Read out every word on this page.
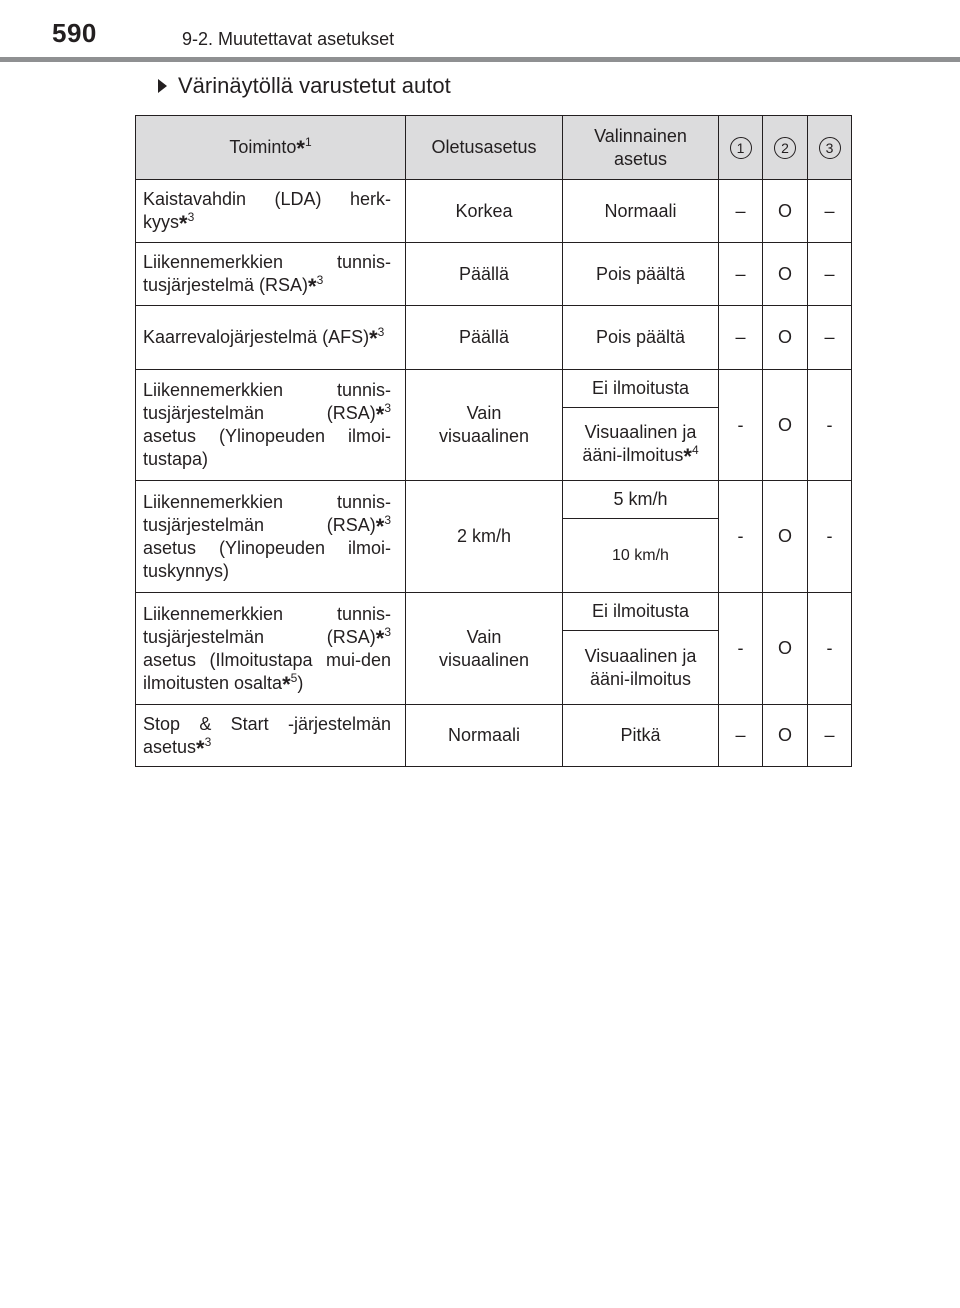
590	9-2. Muutettavat asetukset
Värinäytöllä varustetut autot
Toiminto*$^1$	Oletusasetus	Valinnainen asetus	1	2	3
Kaistavahdin (LDA) herk-kyys*$^3$	Korkea	Normaali	–	O	–
Liikennemerkkien tunnis-tusjärjestelmä (RSA)*$^3$	Päällä	Pois päältä	–	O	–
Kaarrevalojärjestelmä (AFS)*$^3$	Päällä	Pois päältä	–	O	–
Liikennemerkkien tunnis-tusjärjestelmän (RSA)*$^3$ asetus (Ylinopeuden ilmoi-tustapa)	Vain visuaalinen	Ei ilmoitusta	-	O	-
		Visuaalinen ja ääni-ilmoitus*$^4$
Liikennemerkkien tunnis-tusjärjestelmän (RSA)*$^3$ asetus (Ylinopeuden ilmoi-tuskynnys)	2 km/h	5 km/h	-	O	-
		10 km/h			
Liikennemerkkien tunnis-tusjärjestelmän (RSA)*$^3$ asetus (Ilmoitustapa mui-den ilmoitusten osalta*$^5$)	Vain visuaalinen	Ei ilmoitusta	-	O	-
		Visuaalinen ja ääni-ilmoitus			
Stop & Start -järjestelmän asetus*$^3$	Normaali	Pitkä	–	O	–
